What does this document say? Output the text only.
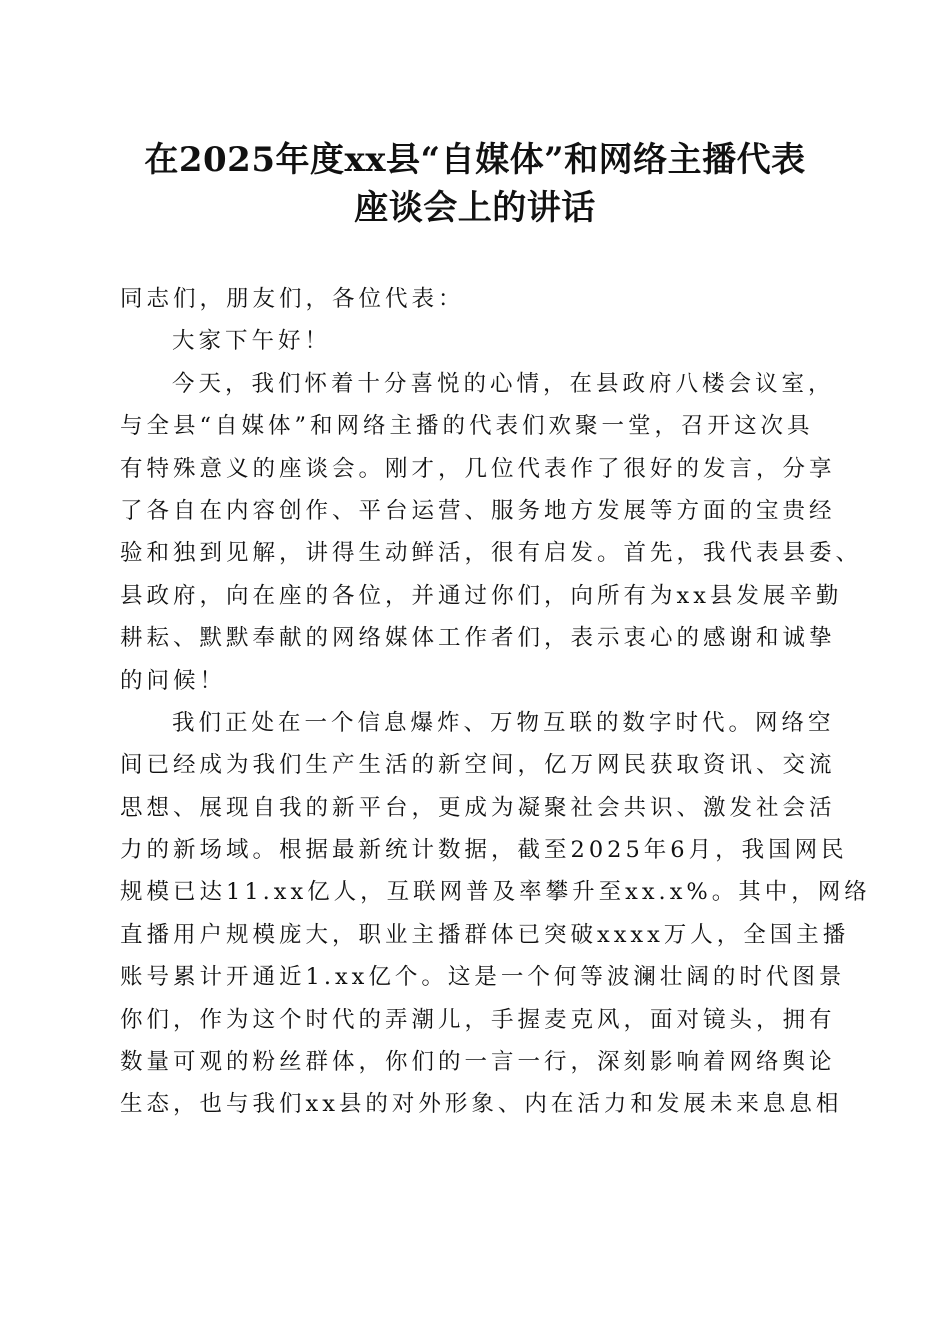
在2025年度xx县“自媒体”和网络主播代表
座谈会上的讲话
同志们，朋友们，各位代表：
大家下午好！
今天，我们怀着十分喜悦的心情，在县政府八楼会议室，
与全县“自媒体”和网络主播的代表们欢聚一堂，召开这次具
有特殊意义的座谈会。刚才，几位代表作了很好的发言，分享
了各自在内容创作、平台运营、服务地方发展等方面的宝贵经
验和独到见解，讲得生动鲜活，很有启发。首先，我代表县委、
县政府，向在座的各位，并通过你们，向所有为xx县发展辛勤
耕耘、默默奉献的网络媒体工作者们，表示衷心的感谢和诚挚
的问候！
我们正处在一个信息爆炸、万物互联的数字时代。网络空
间已经成为我们生产生活的新空间，亿万网民获取资讯、交流
思想、展现自我的新平台，更成为凝聚社会共识、激发社会活
力的新场域。根据最新统计数据，截至2025年6月，我国网民
规模已达11.xx亿人，互联网普及率攀升至xx.x%。其中，网络
直播用户规模庞大，职业主播群体已突破xxxx万人，全国主播
账号累计开通近1.xx亿个。这是一个何等波澜壮阔的时代图景
你们，作为这个时代的弄潮儿，手握麦克风，面对镜头，拥有
数量可观的粉丝群体，你们的一言一行，深刻影响着网络舆论
生态，也与我们xx县的对外形象、内在活力和发展未来息息相
